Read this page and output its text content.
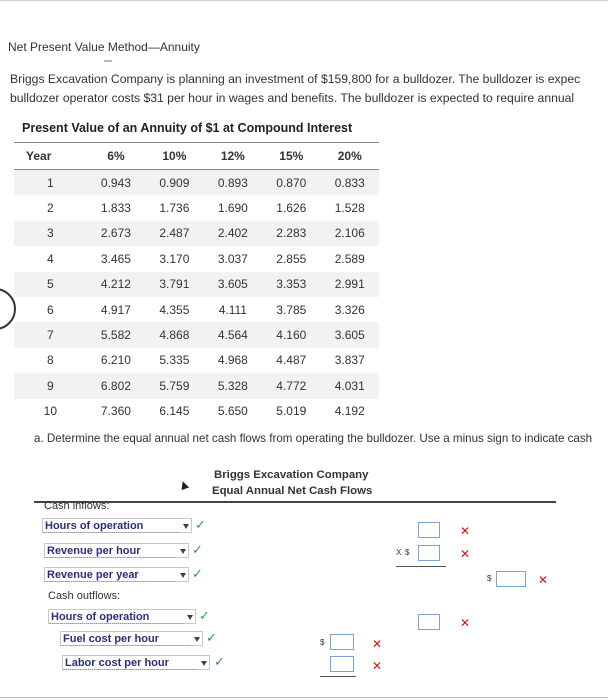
Net Present Value Method—Annuity
Briggs Excavation Company is planning an investment of $159,800 for a bulldozer. The bulldozer is expec
bulldozer operator costs $31 per hour in wages and benefits. The bulldozer is expected to require annual
Present Value of an Annuity of $1 at Compound Interest
Year	6%	10%	12%	15%	20%
1	0.943	0.909	0.893	0.870	0.833
2	1.833	1.736	1.690	1.626	1.528
3	2.673	2.487	2.402	2.283	2.106
4	3.465	3.170	3.037	2.855	2.589
5	4.212	3.791	3.605	3.353	2.991
6	4.917	4.355	4.111	3.785	3.326
7	5.582	4.868	4.564	4.160	3.605
8	6.210	5.335	4.968	4.487	3.837
9	6.802	5.759	5.328	4.772	4.031
10	7.360	6.145	5.650	5.019	4.192
a. Determine the equal annual net cash flows from operating the bulldozer. Use a minus sign to indicate cash
Briggs Excavation Company
Equal Annual Net Cash Flows
Cash inflows:
Hours of operation	✓	✕
Revenue per hour	✓	X $	✕
Revenue per year	✓	$	✕
Cash outflows:
Hours of operation	✓	✕
Fuel cost per hour	✓	$	✕
Labor cost per hour	✓	✕
